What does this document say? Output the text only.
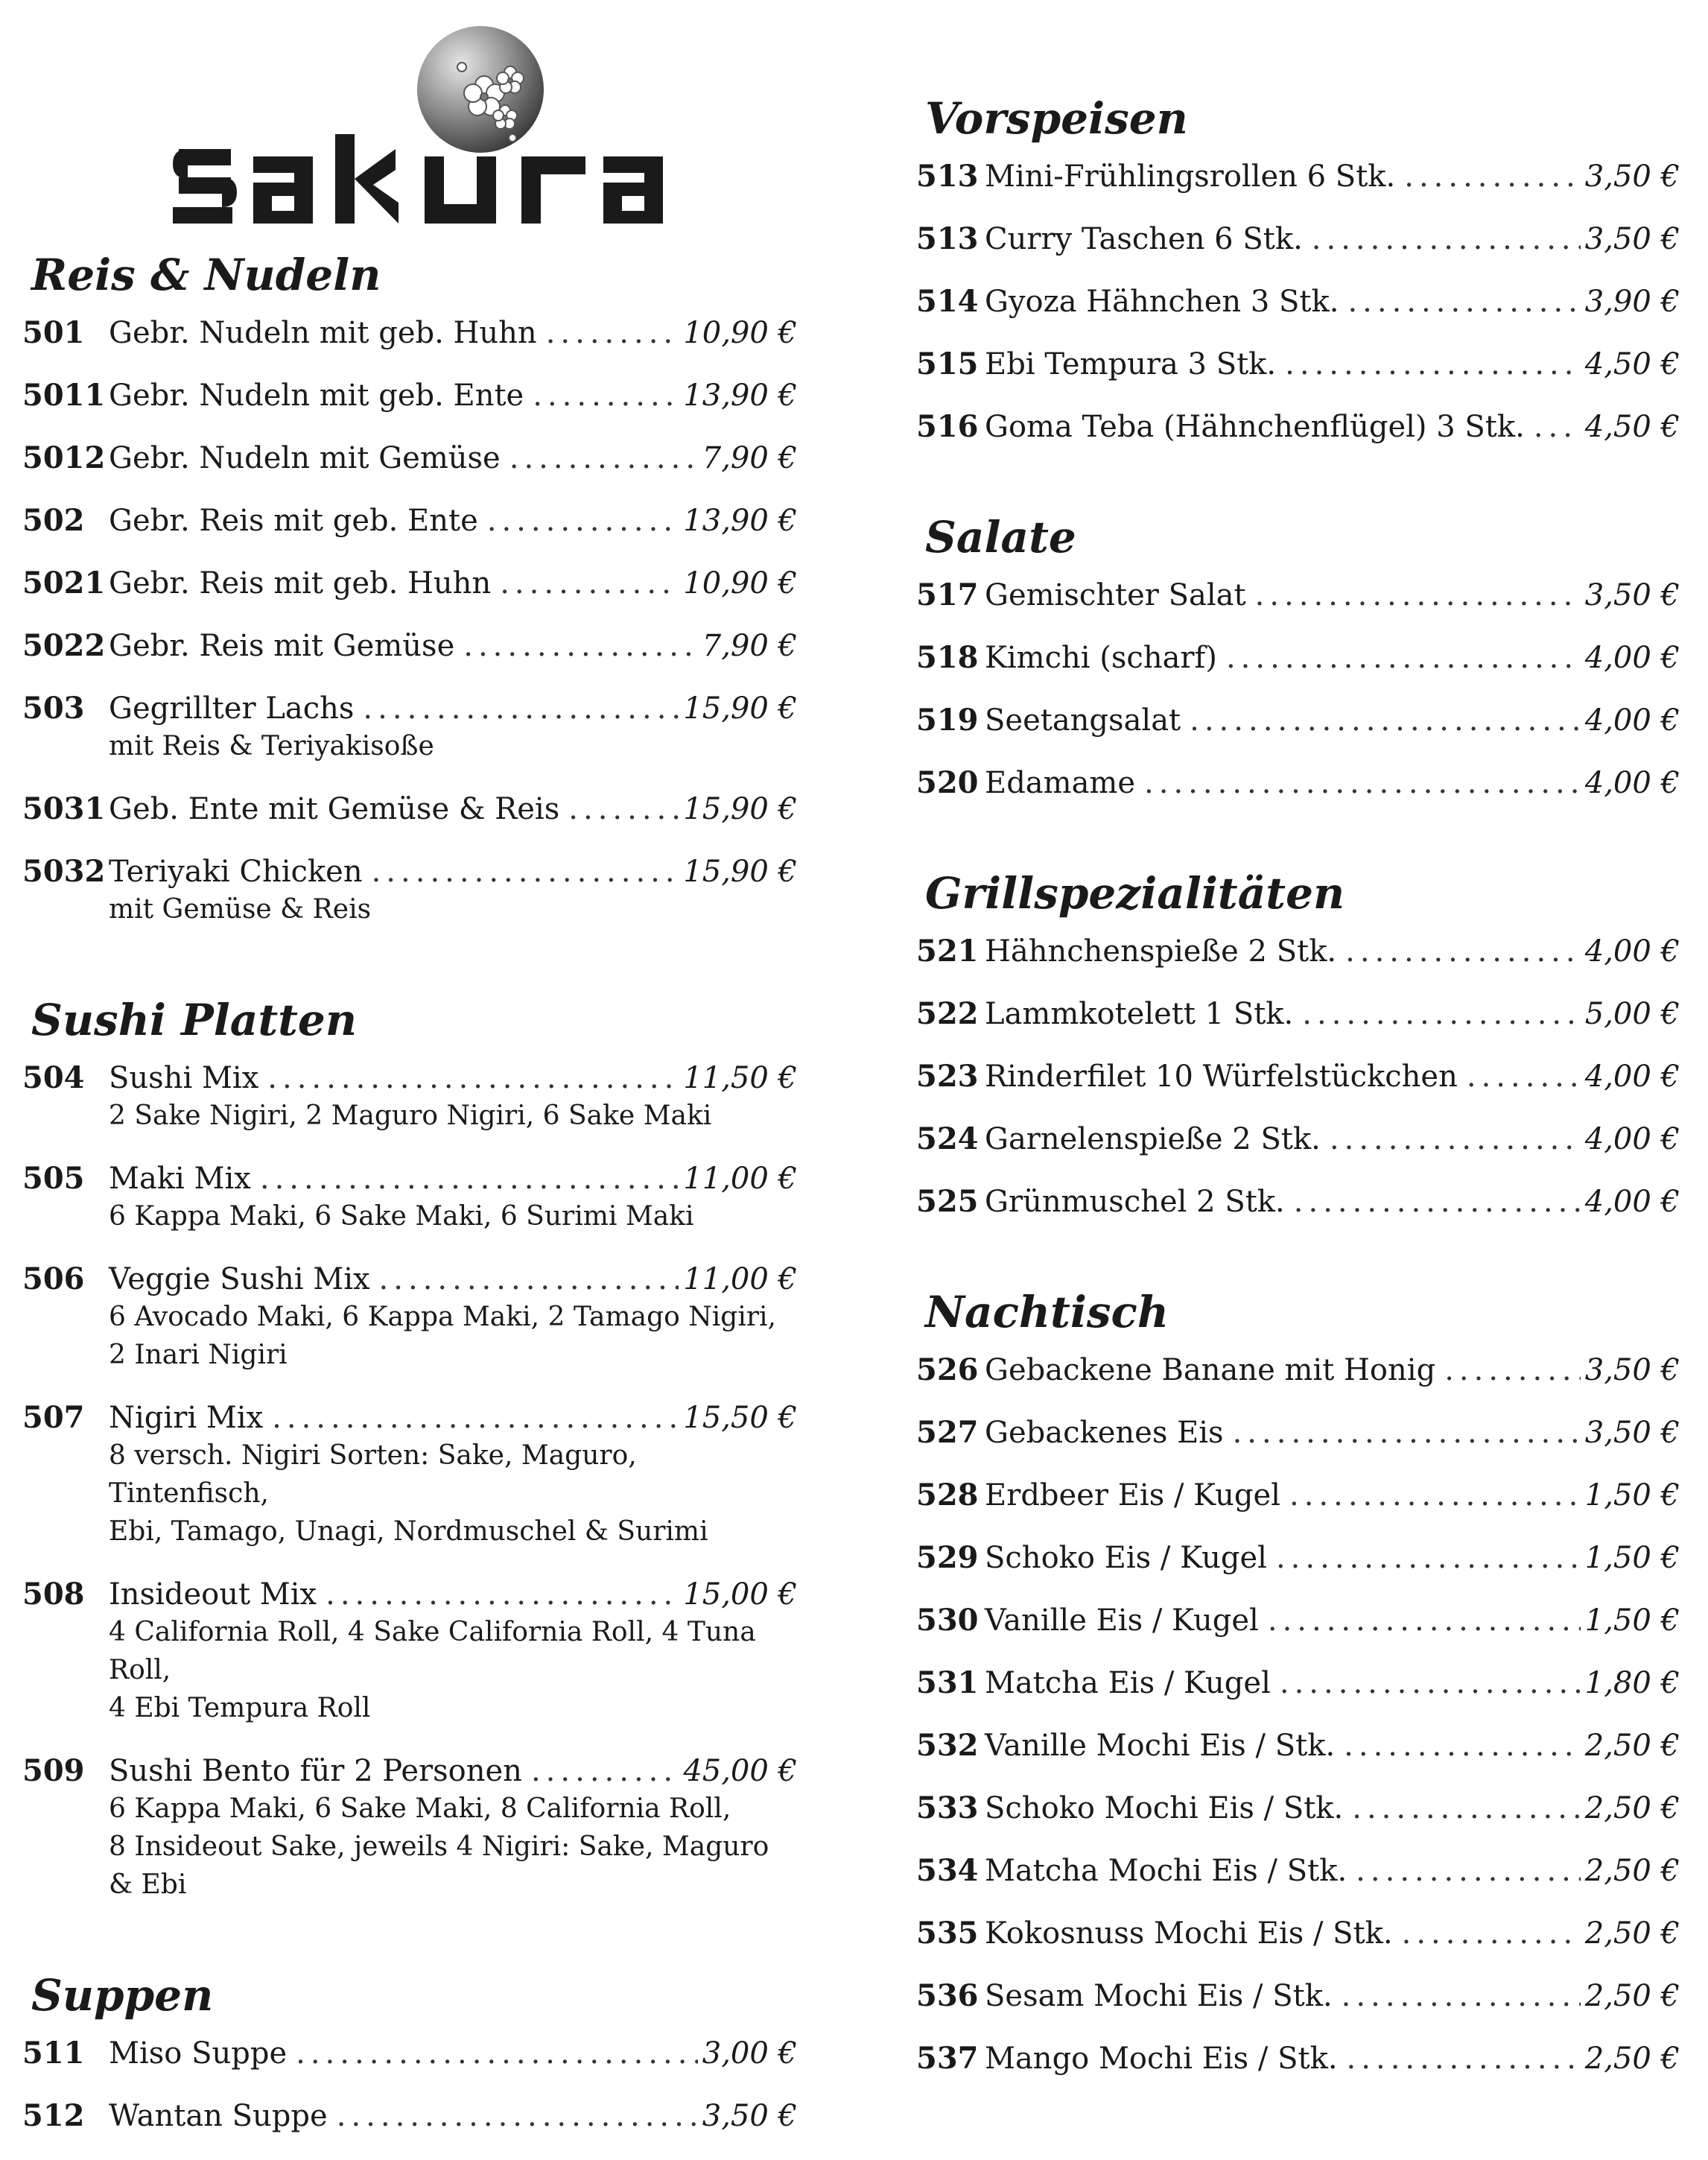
Reis & Nudeln
501 Gebr. Nudeln mit geb. Huhn .....	10,90 €
5011 Gebr. Nudeln mit geb. Ente .....	13,90 €
5012 Gebr. Nudeln mit Gemüse .....	7,90 €
502 Gebr. Reis mit geb. Ente .....	13,90 €
5021 Gebr. Reis mit geb. Huhn .....	10,90 €
5022 Gebr. Reis mit Gemüse .....	7,90 €
503 Gegrillter Lachs .....	15,90 €
mit Reis & Teriyakisoße
5031 Geb. Ente mit Gemüse & Reis .....	15,90 €
5032 Teriyaki Chicken .....	15,90 €
mit Gemüse & Reis
Sushi Platten
504 Sushi Mix .....	11,50 €
2 Sake Nigiri, 2 Maguro Nigiri, 6 Sake Maki
505 Maki Mix .....	11,00 €
6 Kappa Maki, 6 Sake Maki, 6 Surimi Maki
506 Veggie Sushi Mix .....	11,00 €
6 Avocado Maki, 6 Kappa Maki, 2 Tamago Nigiri,
2 Inari Nigiri
507 Nigiri Mix .....	15,50 €
8 versch. Nigiri Sorten: Sake, Maguro, Tintenfisch,
Ebi, Tamago, Unagi, Nordmuschel & Surimi
508 Insideout Mix .....	15,00 €
4 California Roll, 4 Sake California Roll, 4 Tuna Roll,
4 Ebi Tempura Roll
509 Sushi Bento für 2 Personen .....	45,00 €
6 Kappa Maki, 6 Sake Maki, 8 California Roll,
8 Insideout Sake, jeweils 4 Nigiri: Sake, Maguro & Ebi
Suppen
511 Miso Suppe .....	3,00 €
512 Wantan Suppe .....	3,50 €
Vorspeisen
513 Mini-Frühlingsrollen 6 Stk. .....	3,50 €
513 Curry Taschen 6 Stk. .....	3,50 €
514 Gyoza Hähnchen 3 Stk. .....	3,90 €
515 Ebi Tempura 3 Stk. .....	4,50 €
516 Goma Teba (Hähnchenflügel) 3 Stk. ..... 4,50 €
Salate
517 Gemischter Salat .....	3,50 €
518 Kimchi (scharf) .....	4,00 €
519 Seetangsalat .....	4,00 €
520 Edamame .....	4,00 €
Grillspezialitäten
521 Hähnchenspieße 2 Stk. .....	4,00 €
522 Lammkotelett 1 Stk. .....	5,00 €
523 Rinderfilet 10 Würfelstückchen .....	4,00 €
524 Garnelenspieße 2 Stk. .....	4,00 €
525 Grünmuschel 2 Stk. .....	4,00 €
Nachtisch
526 Gebackene Banane mit Honig .....	3,50 €
527 Gebackenes Eis .....	3,50 €
528 Erdbeer Eis / Kugel .....	1,50 €
529 Schoko Eis / Kugel .....	1,50 €
530 Vanille Eis / Kugel .....	1,50 €
531 Matcha Eis / Kugel .....	1,80 €
532 Vanille Mochi Eis / Stk. .....	2,50 €
533 Schoko Mochi Eis / Stk. .....	2,50 €
534 Matcha Mochi Eis / Stk. .....	2,50 €
535 Kokosnuss Mochi Eis / Stk. .....	2,50 €
536 Sesam Mochi Eis / Stk. .....	2,50 €
537 Mango Mochi Eis / Stk. .....	2,50 €
